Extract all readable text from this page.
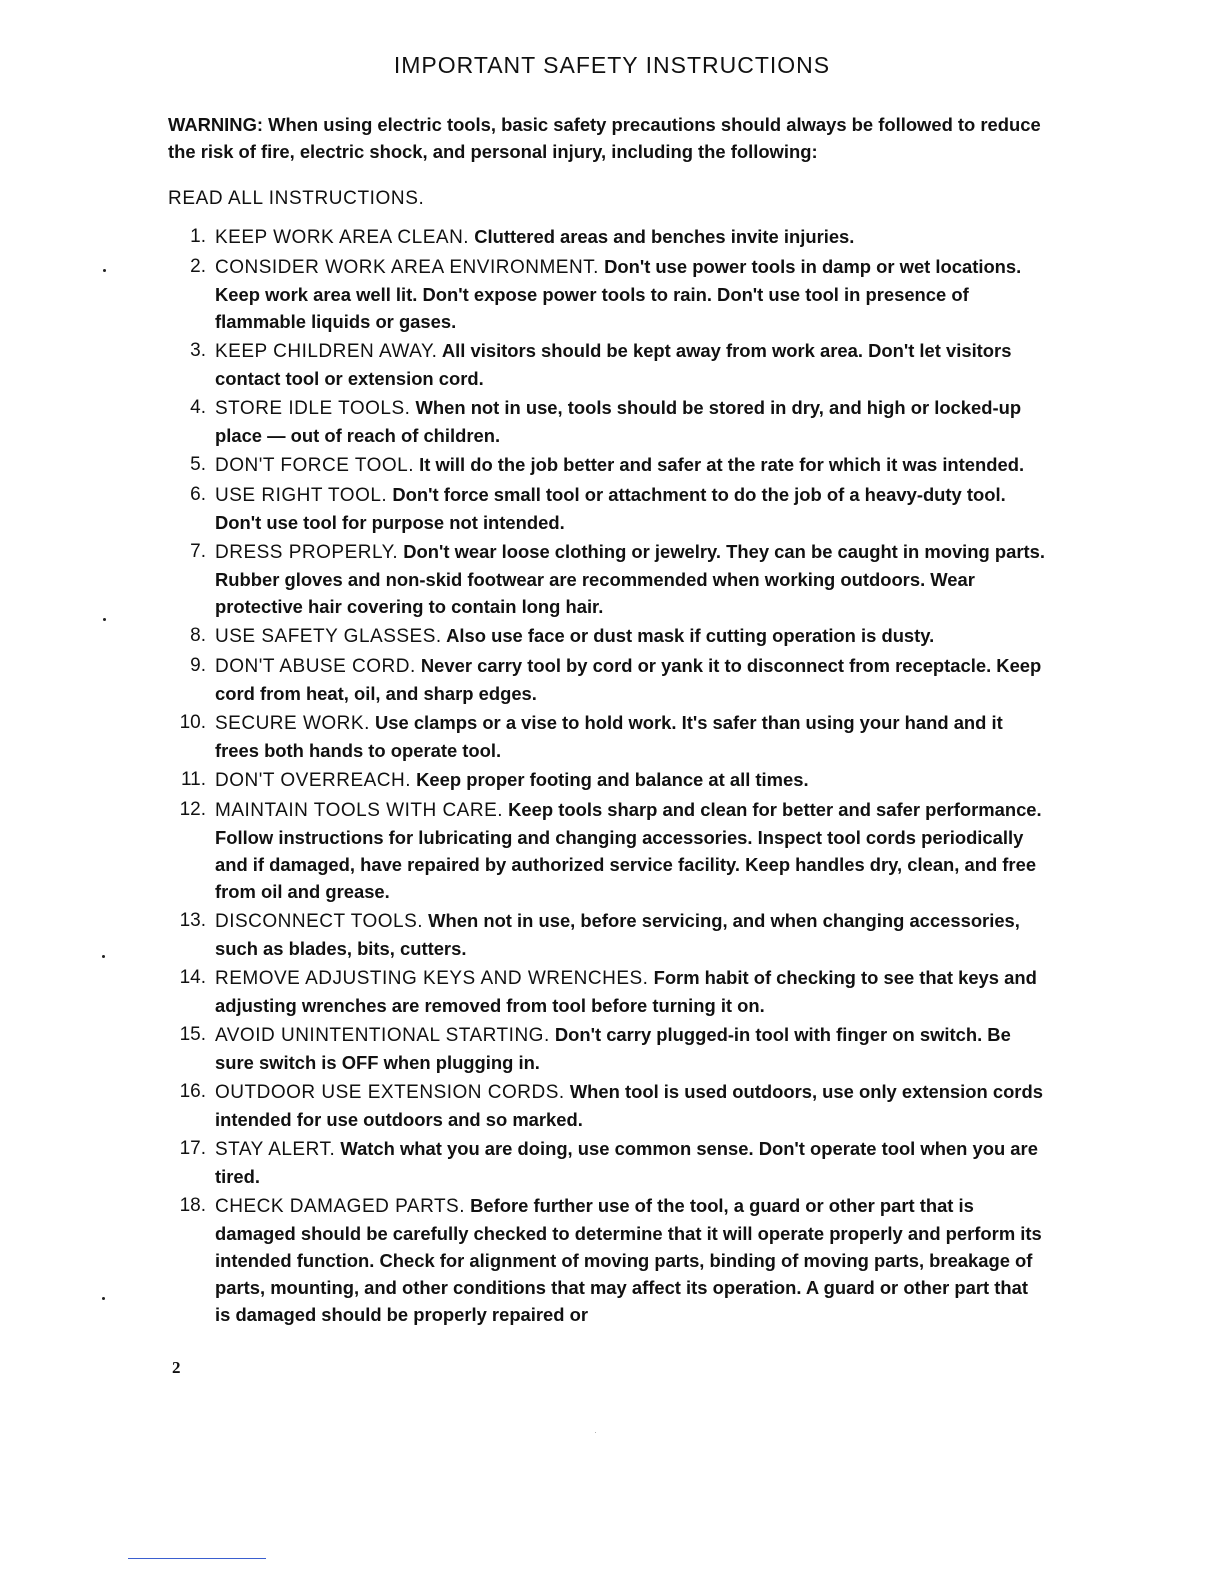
IMPORTANT SAFETY INSTRUCTIONS
WARNING: When using electric tools, basic safety precautions should always be followed to reduce the risk of fire, electric shock, and personal injury, including the following:
READ ALL INSTRUCTIONS.
1. KEEP WORK AREA CLEAN. Cluttered areas and benches invite injuries.
2. CONSIDER WORK AREA ENVIRONMENT. Don't use power tools in damp or wet locations. Keep work area well lit. Don't expose power tools to rain. Don't use tool in presence of flammable liquids or gases.
3. KEEP CHILDREN AWAY. All visitors should be kept away from work area. Don't let visitors contact tool or extension cord.
4. STORE IDLE TOOLS. When not in use, tools should be stored in dry, and high or locked-up place — out of reach of children.
5. DON'T FORCE TOOL. It will do the job better and safer at the rate for which it was intended.
6. USE RIGHT TOOL. Don't force small tool or attachment to do the job of a heavy-duty tool. Don't use tool for purpose not intended.
7. DRESS PROPERLY. Don't wear loose clothing or jewelry. They can be caught in moving parts. Rubber gloves and non-skid footwear are recommended when working outdoors. Wear protective hair covering to contain long hair.
8. USE SAFETY GLASSES. Also use face or dust mask if cutting operation is dusty.
9. DON'T ABUSE CORD. Never carry tool by cord or yank it to disconnect from receptacle. Keep cord from heat, oil, and sharp edges.
10. SECURE WORK. Use clamps or a vise to hold work. It's safer than using your hand and it frees both hands to operate tool.
11. DON'T OVERREACH. Keep proper footing and balance at all times.
12. MAINTAIN TOOLS WITH CARE. Keep tools sharp and clean for better and safer performance. Follow instructions for lubricating and changing accessories. Inspect tool cords periodically and if damaged, have repaired by authorized service facility. Keep handles dry, clean, and free from oil and grease.
13. DISCONNECT TOOLS. When not in use, before servicing, and when changing accessories, such as blades, bits, cutters.
14. REMOVE ADJUSTING KEYS AND WRENCHES. Form habit of checking to see that keys and adjusting wrenches are removed from tool before turning it on.
15. AVOID UNINTENTIONAL STARTING. Don't carry plugged-in tool with finger on switch. Be sure switch is OFF when plugging in.
16. OUTDOOR USE EXTENSION CORDS. When tool is used outdoors, use only extension cords intended for use outdoors and so marked.
17. STAY ALERT. Watch what you are doing, use common sense. Don't operate tool when you are tired.
18. CHECK DAMAGED PARTS. Before further use of the tool, a guard or other part that is damaged should be carefully checked to determine that it will operate properly and perform its intended function. Check for alignment of moving parts, binding of moving parts, breakage of parts, mounting, and other conditions that may affect its operation. A guard or other part that is damaged should be properly repaired or
2
